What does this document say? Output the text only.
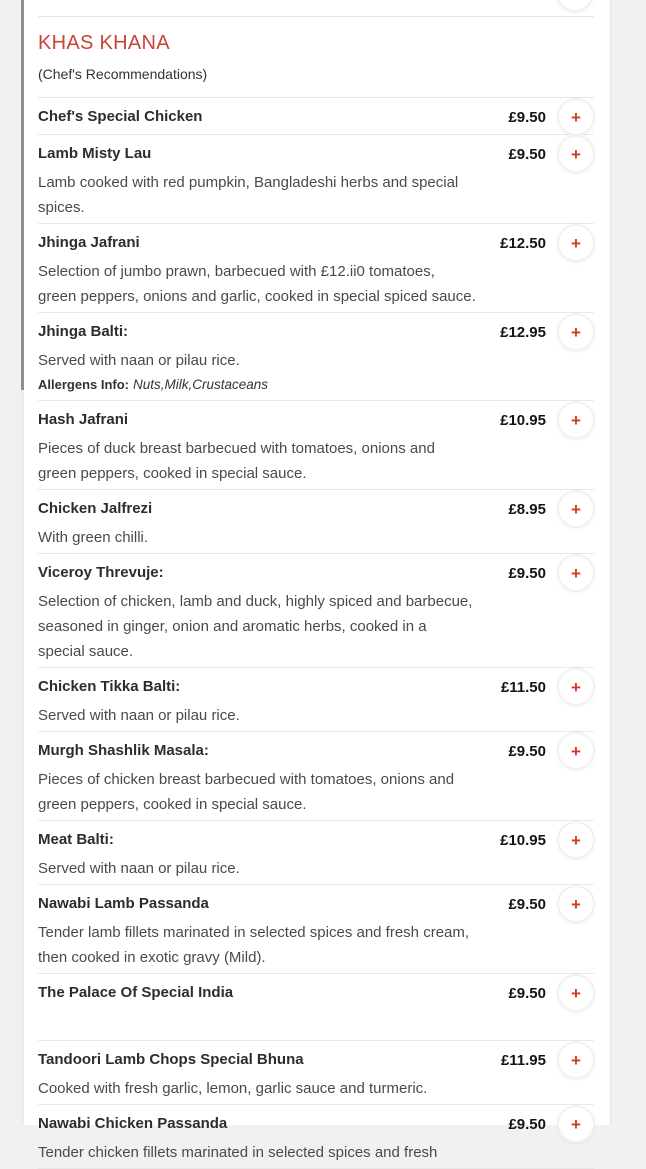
KHAS KHANA
(Chef's Recommendations)
Chef's Special Chicken	£9.50 +
Lamb Misty Lau	£9.50 +
Lamb cooked with red pumpkin, Bangladeshi herbs and special
spices.
Jhinga Jafrani	£12.50 +
Selection of jumbo prawn, barbecued with £12.ii0 tomatoes,
green peppers, onions and garlic, cooked in special spiced sauce.
Jhinga Balti:	£12.95 +
Served with naan or pilau rice.
Allergens Info: Nuts,Milk,Crustaceans
Hash Jafrani	£10.95 +
Pieces of duck breast barbecued with tomatoes, onions and
green peppers, cooked in special sauce.
Chicken Jalfrezi	£8.95 +
With green chilli.
Viceroy Threvuje:	£9.50 +
Selection of chicken, lamb and duck, highly spiced and barbecue,
seasoned in ginger, onion and aromatic herbs, cooked in a
special sauce.
Chicken Tikka Balti:	£11.50 +
Served with naan or pilau rice.
Murgh Shashlik Masala:	£9.50 +
Pieces of chicken breast barbecued with tomatoes, onions and
green peppers, cooked in special sauce.
Meat Balti:	£10.95 +
Served with naan or pilau rice.
Nawabi Lamb Passanda	£9.50 +
Tender lamb fillets marinated in selected spices and fresh cream,
then cooked in exotic gravy (Mild).
The Palace Of Special India	£9.50 +
Tandoori Lamb Chops Special Bhuna	£11.95 +
Cooked with fresh garlic, lemon, garlic sauce and turmeric.
Nawabi Chicken Passanda	£9.50 +
Tender chicken fillets marinated in selected spices and fresh
